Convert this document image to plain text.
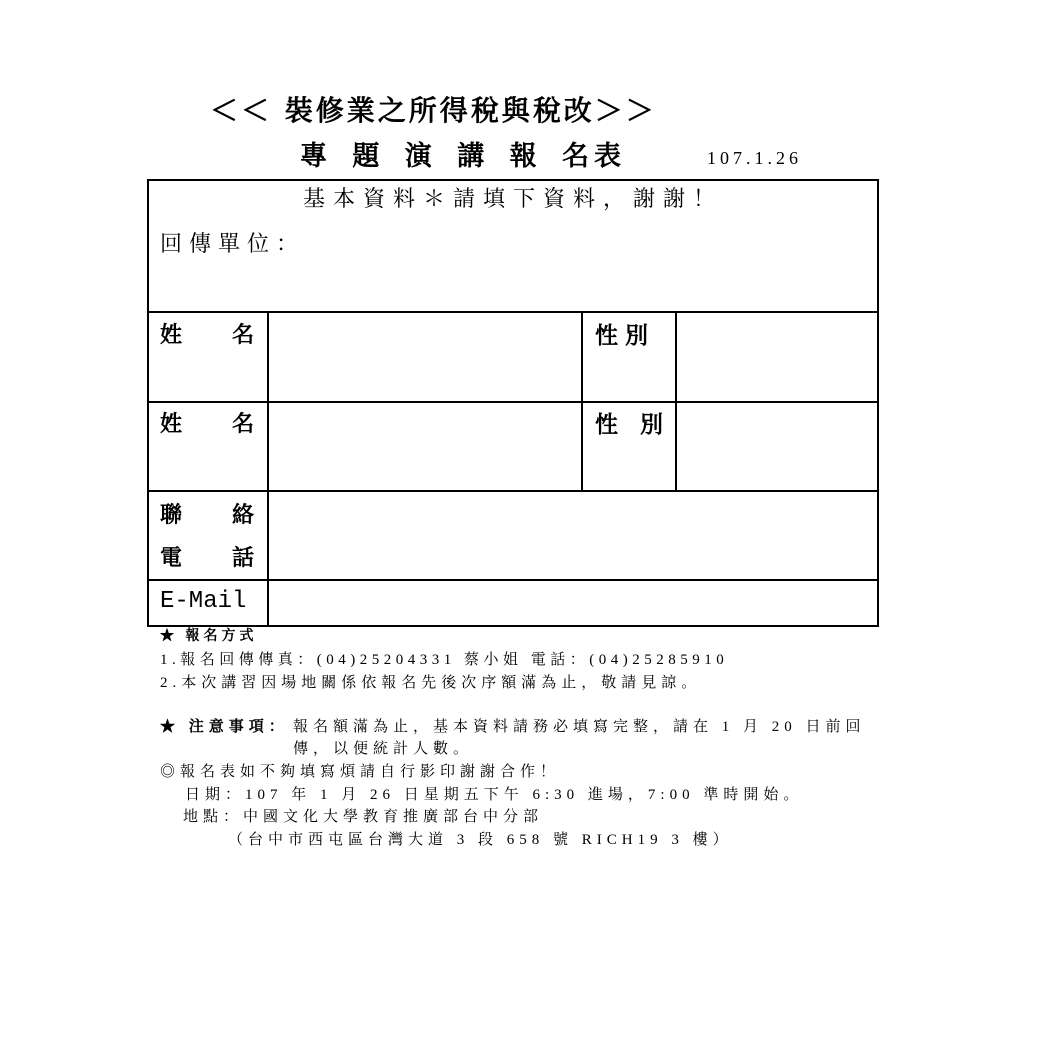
＜＜ 裝修業之所得稅與稅改＞＞
專 題 演 講 報 名表	107.1.26
基本資料＊請填下資料，謝謝！
回傳單位：
姓　　名	性別
姓　　名	性 別
聯　　絡
電　　話
E-Mail
★ 報名方式
1.報名回傳傳真：(04)25204331 蔡小姐 電話：(04)25285910
2.本次講習因場地關係依報名先後次序額滿為止，敬請見諒。
★ 注意事項： 報名額滿為止，基本資料請務必填寫完整，請在 1 月 20 日前回
傳，以便統計人數。
◎報名表如不夠填寫煩請自行影印謝謝合作！
日期：107 年 1 月 26 日星期五下午 6:30 進場，7:00 準時開始。
地點：中國文化大學教育推廣部台中分部
（台中市西屯區台灣大道 3 段 658 號 RICH19 3 樓）
